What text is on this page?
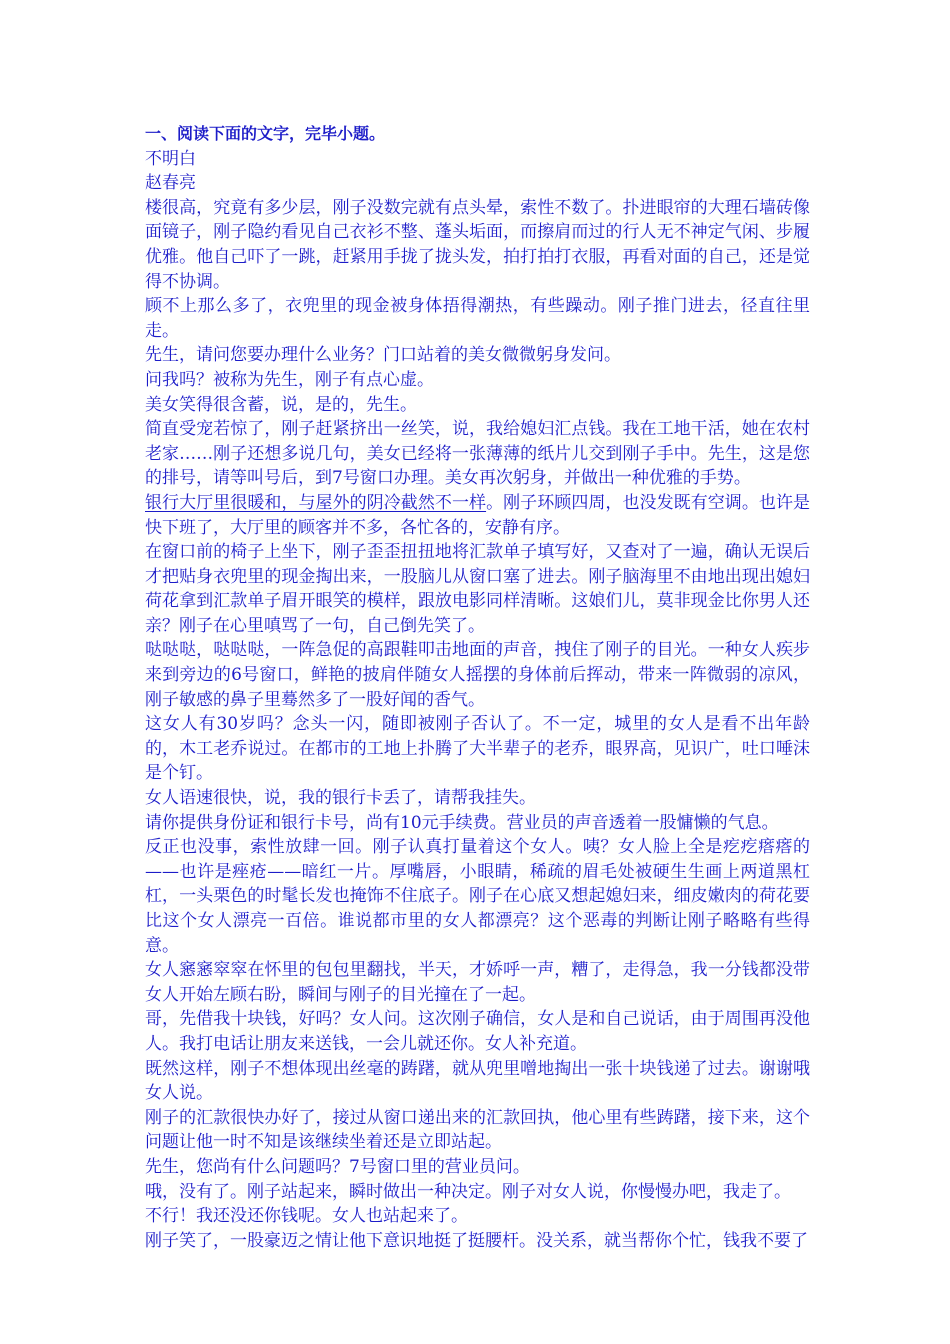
一、阅读下面的文字，完毕小题。

不明白

赵春亮

楼很高，究竟有多少层，刚子没数完就有点头晕，索性不数了。扑进眼帘的大理石墙砖像面镜子，刚子隐约看见自己衣衫不整、蓬头垢面，而擦肩而过的行人无不神定气闲、步履优雅。他自己吓了一跳，赶紧用手拢了拢头发，拍打拍打衣服，再看对面的自己，还是觉得不协调。

顾不上那么多了，衣兜里的现金被身体捂得潮热，有些躁动。刚子推门进去，径直往里走。

先生，请问您要办理什么业务？门口站着的美女微微躬身发问。

问我吗？被称为先生，刚子有点心虚。

美女笑得很含蓄，说，是的，先生。

简直受宠若惊了，刚子赶紧挤出一丝笑，说，我给媳妇汇点钱。我在工地干活，她在农村老家……刚子还想多说几句，美女已经将一张薄薄的纸片儿交到刚子手中。先生，这是您的排号，请等叫号后，到7号窗口办理。美女再次躬身，并做出一种优雅的手势。

银行大厅里很暖和，与屋外的阴冷截然不一样。刚子环顾四周，也没发既有空调。也许是快下班了，大厅里的顾客并不多，各忙各的，安静有序。

在窗口前的椅子上坐下，刚子歪歪扭扭地将汇款单子填写好，又查对了一遍，确认无误后才把贴身衣兜里的现金掏出来，一股脑儿从窗口塞了进去。刚子脑海里不由地出现出媳妇荷花拿到汇款单子眉开眼笑的模样，跟放电影同样清晰。这娘们儿，莫非现金比你男人还亲？刚子在心里嗔骂了一句，自己倒先笑了。

哒哒哒，哒哒哒，一阵急促的高跟鞋叩击地面的声音，拽住了刚子的目光。一种女人疾步来到旁边的6号窗口，鲜艳的披肩伴随女人摇摆的身体前后挥动，带来一阵微弱的凉风，刚子敏感的鼻子里蓦然多了一股好闻的香气。

这女人有30岁吗？念头一闪，随即被刚子否认了。不一定，城里的女人是看不出年龄的，木工老乔说过。在都市的工地上扑腾了大半辈子的老乔，眼界高，见识广，吐口唾沫是个钉。

女人语速很快，说，我的银行卡丢了，请帮我挂失。

请你提供身份证和银行卡号，尚有10元手续费。营业员的声音透着一股慵懒的气息。

反正也没事，索性放肆一回。刚子认真打量着这个女人。咦？女人脸上全是疙疙瘩瘩的——也许是痤疮——暗红一片。厚嘴唇，小眼睛，稀疏的眉毛处被硬生生画上两道黑杠杠，一头栗色的时髦长发也掩饰不住底子。刚子在心底又想起媳妇来，细皮嫩肉的荷花要比这个女人漂亮一百倍。谁说都市里的女人都漂亮？这个恶毒的判断让刚子略略有些得意。

女人窸窸窣窣在怀里的包包里翻找，半天，才娇呼一声，糟了，走得急，我一分钱都没带女人开始左顾右盼，瞬间与刚子的目光撞在了一起。

哥，先借我十块钱，好吗？女人问。这次刚子确信，女人是和自己说话，由于周围再没他人。我打电话让朋友来送钱，一会儿就还你。女人补充道。

既然这样，刚子不想体现出丝毫的踌躇，就从兜里噌地掏出一张十块钱递了过去。谢谢哦女人说。

刚子的汇款很快办好了，接过从窗口递出来的汇款回执，他心里有些踌躇，接下来，这个问题让他一时不知是该继续坐着还是立即站起。

先生，您尚有什么问题吗？7号窗口里的营业员问。

哦，没有了。刚子站起来，瞬时做出一种决定。刚子对女人说，你慢慢办吧，我走了。

不行！我还没还你钱呢。女人也站起来了。

刚子笑了，一股豪迈之情让他下意识地挺了挺腰杆。没关系，就当帮你个忙，钱我不要了
